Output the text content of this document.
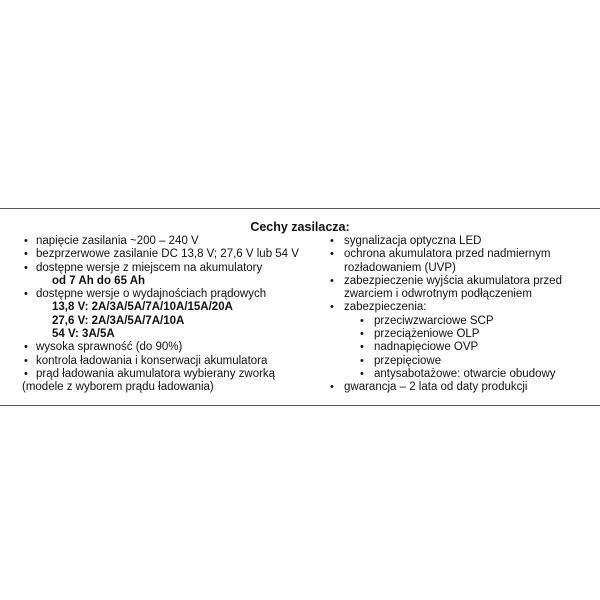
Cechy zasilacza:
• napięcie zasilania ~200 – 240 V
• bezprzerwowe zasilanie DC 13,8 V; 27,6 V lub 54 V
• dostępne wersje z miejscem na akumulatory
od 7 Ah do 65 Ah
• dostępne wersje o wydajnościach prądowych
13,8 V: 2A/3A/5A/7A/10A/15A/20A
27,6 V: 2A/3A/5A/7A/10A
54 V: 3A/5A
• wysoka sprawność (do 90%)
• kontrola ładowania i konserwacji akumulatora
• prąd ładowania akumulatora wybierany zworką
(modele z wyborem prądu ładowania)
• sygnalizacja optyczna LED
• ochrona akumulatora przed nadmiernym
rozładowaniem (UVP)
• zabezpieczenie wyjścia akumulatora przed
zwarciem i odwrotnym podłączeniem
• zabezpieczenia:
• przeciwzwarciowe SCP
• przeciążeniowe OLP
• nadnapięciowe OVP
• przepięciowe
• antysabotażowe: otwarcie obudowy
• gwarancja – 2 lata od daty produkcji
